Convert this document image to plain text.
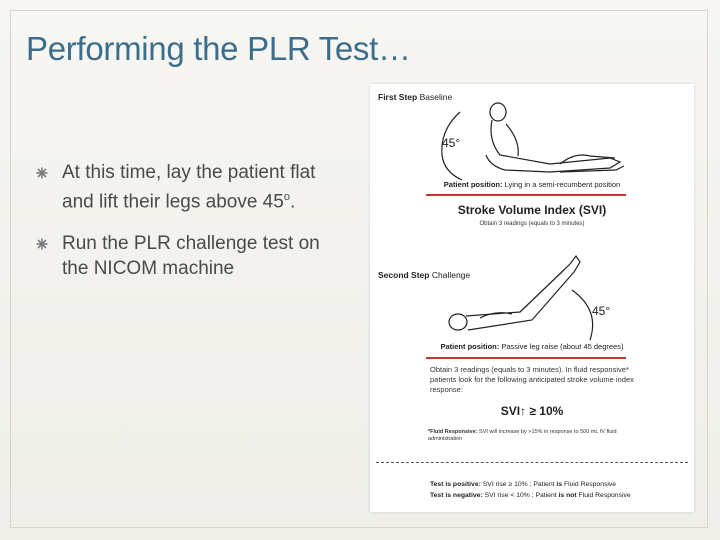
Performing the PLR Test…
At this time, lay the patient flat and lift their legs above 45$^o$.
Run the PLR challenge test on the NICOM machine
First Step Baseline
45°
Patient position: Lying in a semi-recumbent position
Stroke Volume Index (SVI)
Obtain 3 readings (equals to 3 minutes)
Second Step Challenge
45°
Patient position: Passive leg raise (about 45 degrees)
Obtain 3 readings (equals to 3 minutes). In fluid responsive* patients look for the following anticipated stroke volume index response:
SVI↑ ≥ 10%
*Fluid Responsive: SVI will increase by >15% in response to 500 mL IV fluid administration
Test is positive: SVI rise ≥ 10% ; Patient is Fluid Responsive
Test is negative: SVI rise < 10% ; Patient is not Fluid Responsive
